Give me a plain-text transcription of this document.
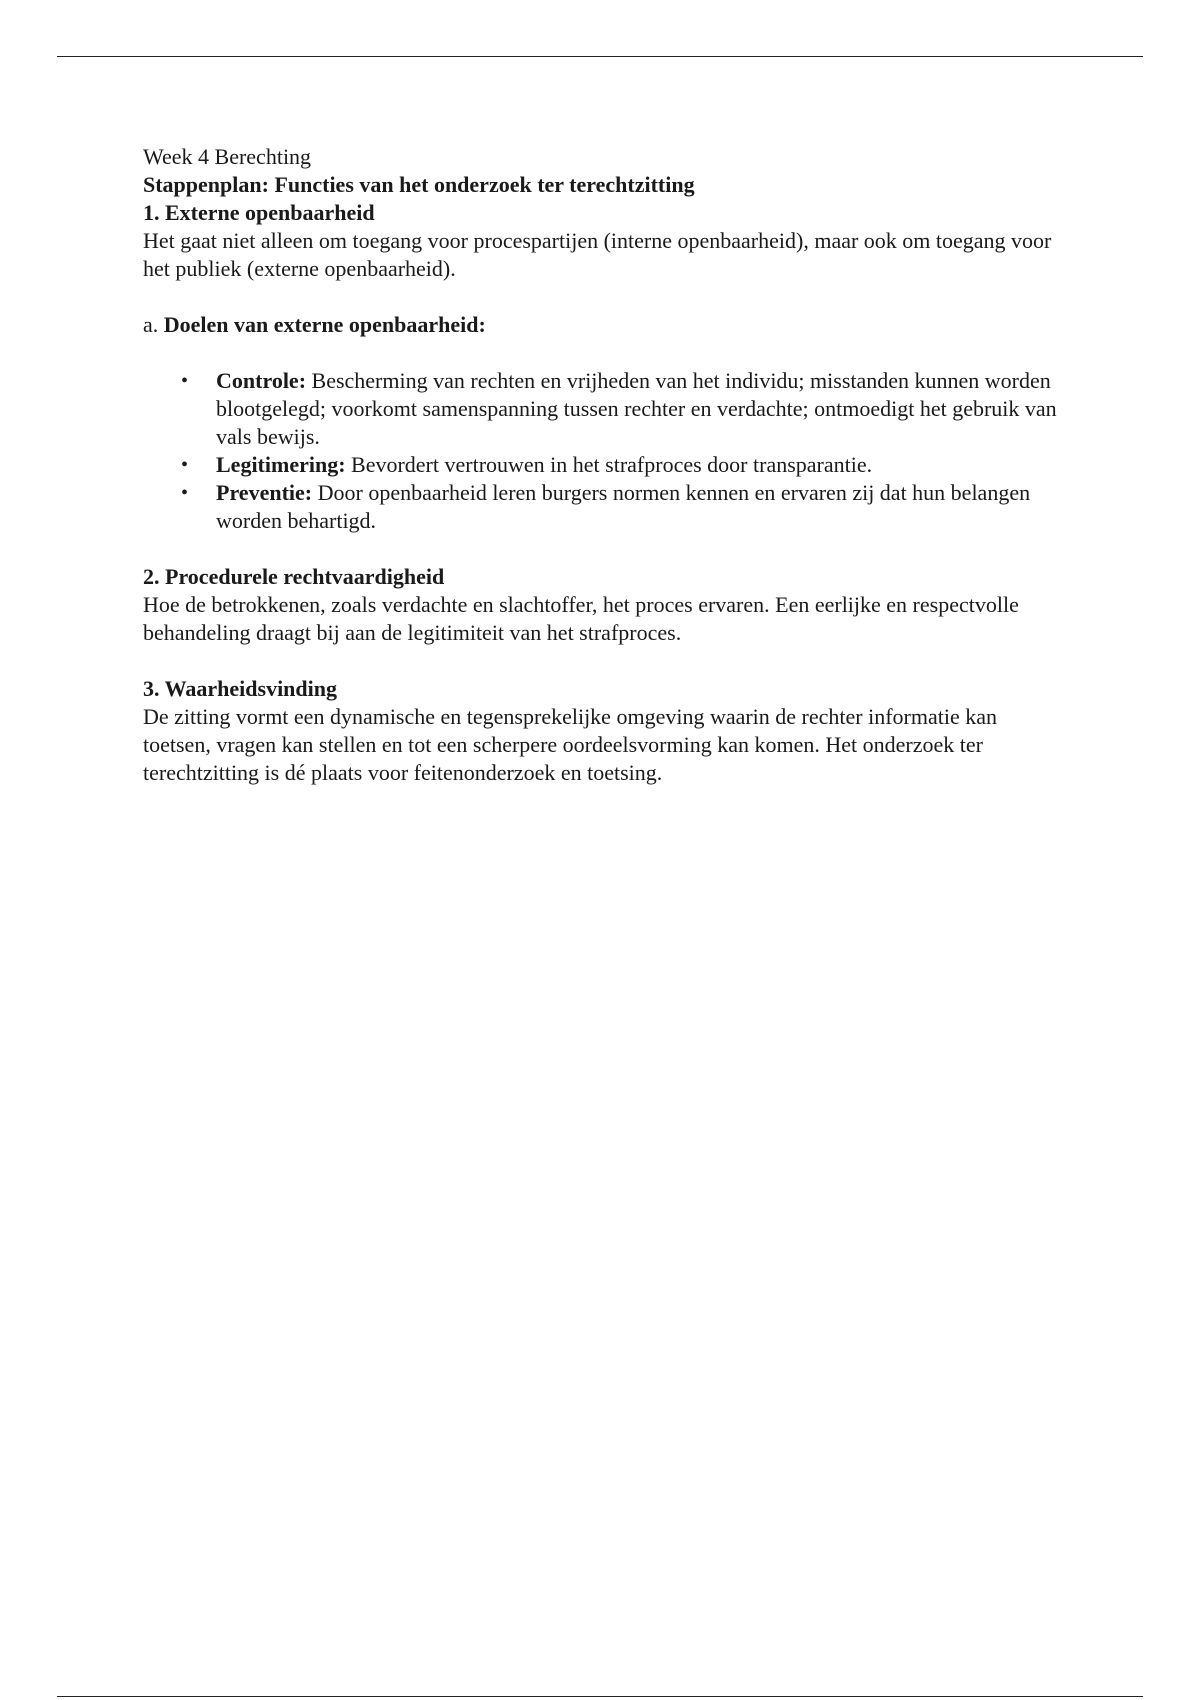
Week 4 Berechting

Stappenplan: Functies van het onderzoek ter terechtzitting

1. Externe openbaarheid

Het gaat niet alleen om toegang voor procespartijen (interne openbaarheid), maar ook om toegang voor het publiek (externe openbaarheid).

a. Doelen van externe openbaarheid:

• Controle: Bescherming van rechten en vrijheden van het individu; misstanden kunnen worden blootgelegd; voorkomt samenspanning tussen rechter en verdachte; ontmoedigt het gebruik van vals bewijs.
• Legitimering: Bevordert vertrouwen in het strafproces door transparantie.
• Preventie: Door openbaarheid leren burgers normen kennen en ervaren zij dat hun belangen worden behartigd.

2. Procedurele rechtvaardigheid

Hoe de betrokkenen, zoals verdachte en slachtoffer, het proces ervaren. Een eerlijke en respectvolle behandeling draagt bij aan de legitimiteit van het strafproces.

3. Waarheidsvinding

De zitting vormt een dynamische en tegensprekelijke omgeving waarin de rechter informatie kan toetsen, vragen kan stellen en tot een scherpere oordeelsvorming kan komen. Het onderzoek ter terechtzitting is dé plaats voor feitenonderzoek en toetsing.
